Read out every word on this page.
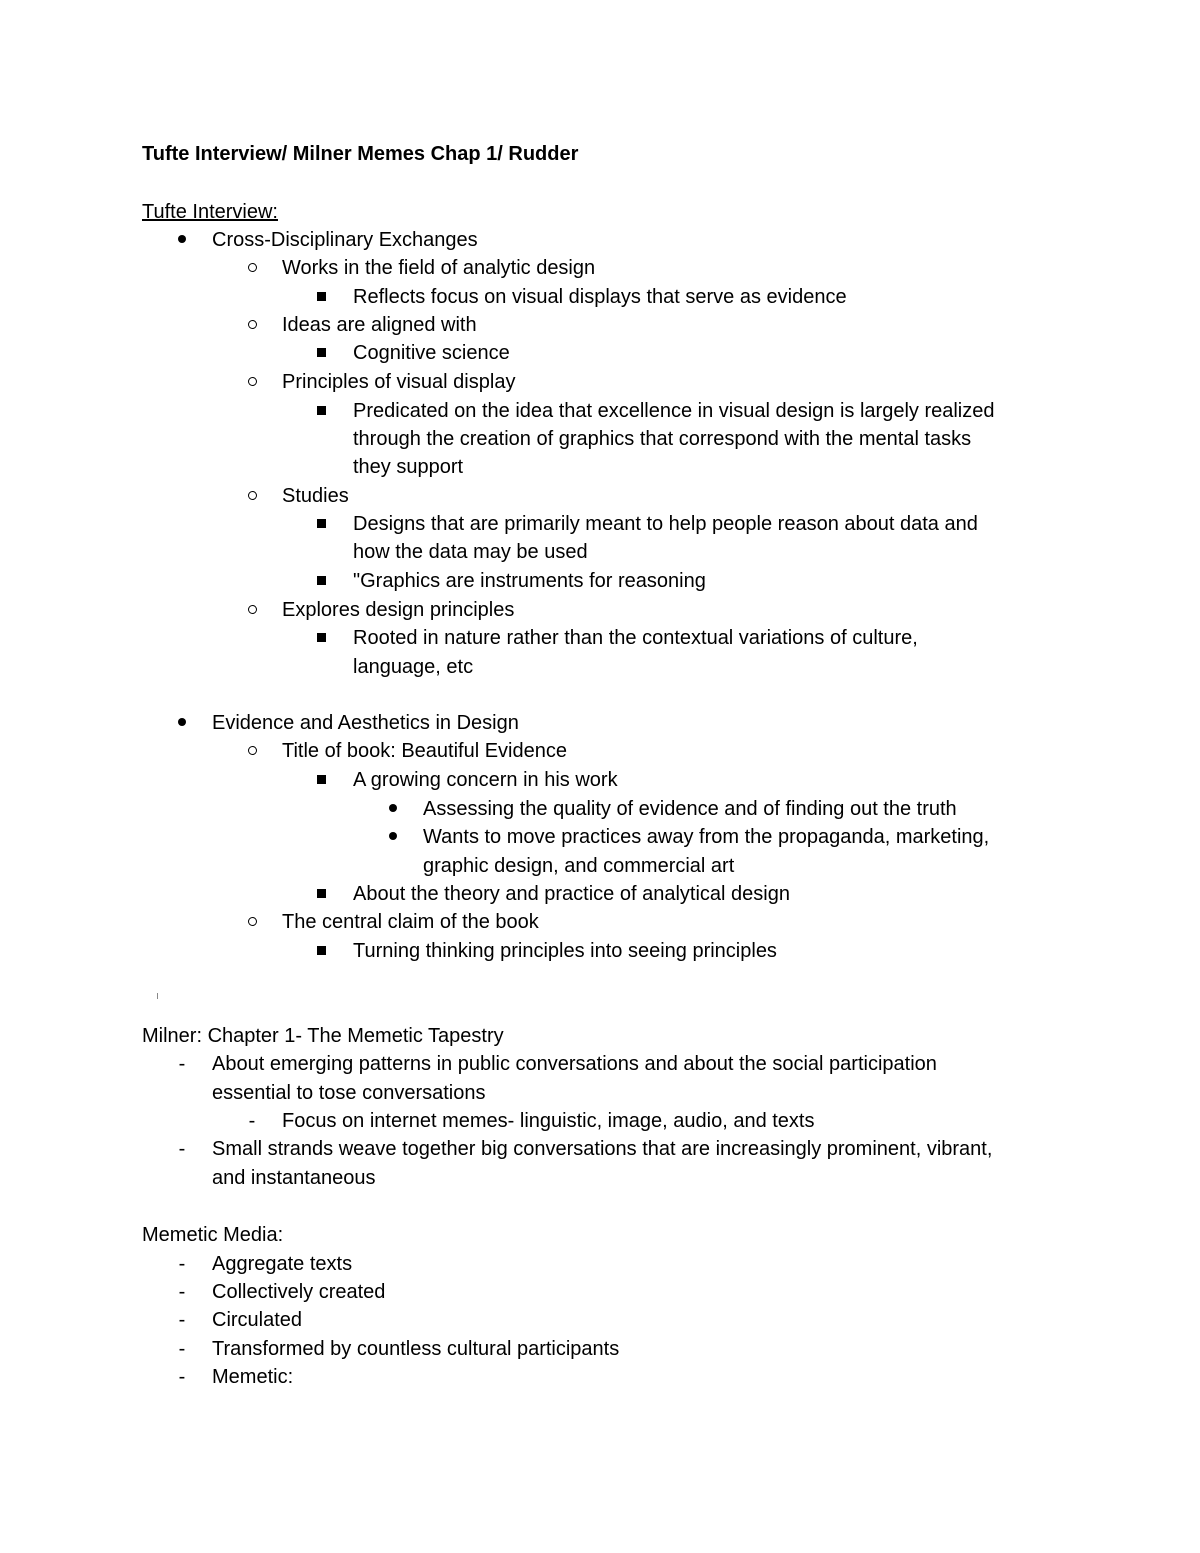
Tufte Interview/ Milner Memes Chap 1/ Rudder
Tufte Interview:
Cross-Disciplinary Exchanges
Works in the field of analytic design
Reflects focus on visual displays that serve as evidence
Ideas are aligned with
Cognitive science
Principles of visual display
Predicated on the idea that excellence in visual design is largely realized
through the creation of graphics that correspond with the mental tasks
they support
Studies
Designs that are primarily meant to help people reason about data and
how the data may be used
"Graphics are instruments for reasoning
Explores design principles
Rooted in nature rather than the contextual variations of culture,
language, etc
Evidence and Aesthetics in Design
Title of book: Beautiful Evidence
A growing concern in his work
Assessing the quality of evidence and of finding out the truth
Wants to move practices away from the propaganda, marketing,
graphic design, and commercial art
About the theory and practice of analytical design
The central claim of the book
Turning thinking principles into seeing principles
Milner: Chapter 1- The Memetic Tapestry
-	About emerging patterns in public conversations and about the social participation
essential to tose conversations
-	Focus on internet memes- linguistic, image, audio, and texts
-	Small strands weave together big conversations that are increasingly prominent, vibrant,
and instantaneous
Memetic Media:
-	Aggregate texts
-	Collectively created
-	Circulated
-	Transformed by countless cultural participants
-	Memetic:
